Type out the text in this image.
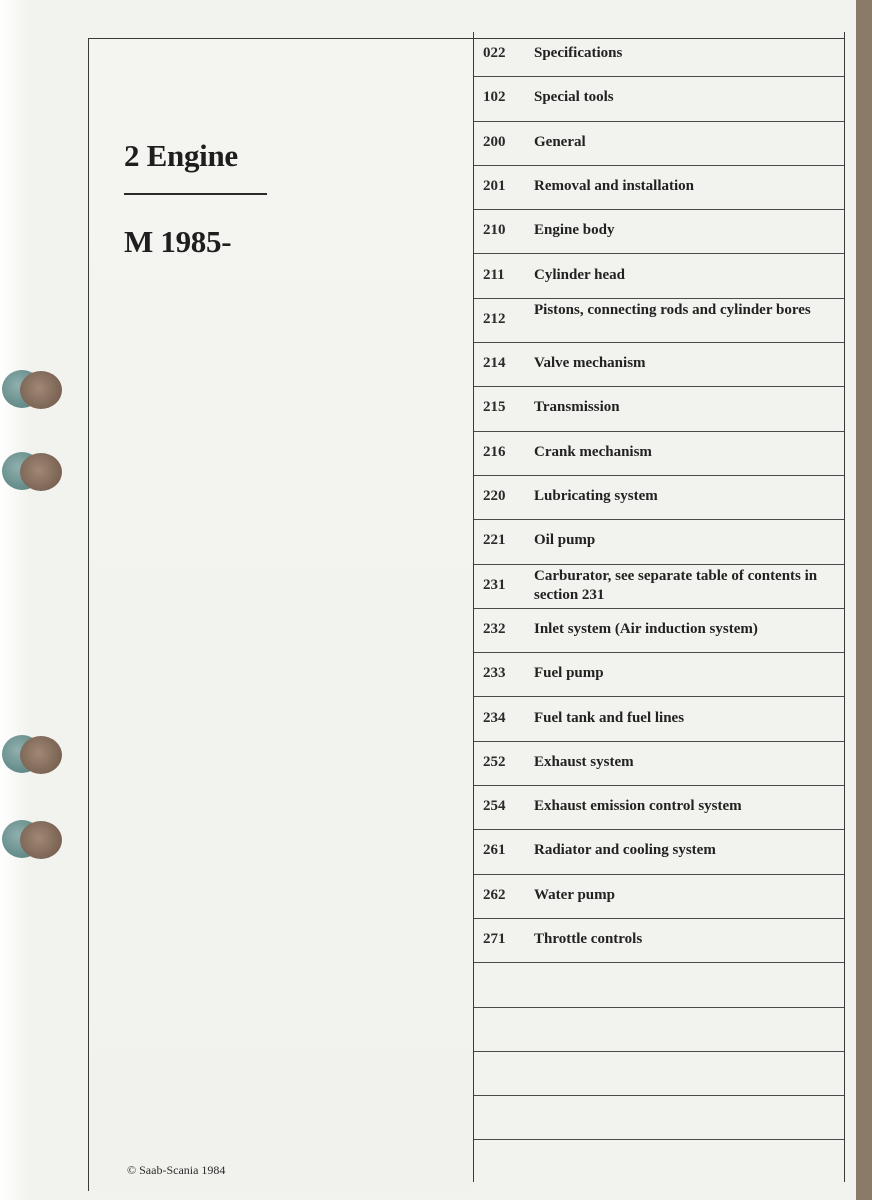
2 Engine
M 1985-
© Saab-Scania 1984
022 Specifications
102 Special tools
200 General
201 Removal and installation
210 Engine body
211 Cylinder head
212
Pistons, connecting rods and cylinder bores
214 Valve mechanism
215 Transmission
216 Crank mechanism
220 Lubricating system
221 Oil pump
231
Carburator, see separate table of contents in section 231
232 Inlet system (Air induction system)
233 Fuel pump
234 Fuel tank and fuel lines
252 Exhaust system
254 Exhaust emission control system
261 Radiator and cooling system
262 Water pump
271 Throttle controls
